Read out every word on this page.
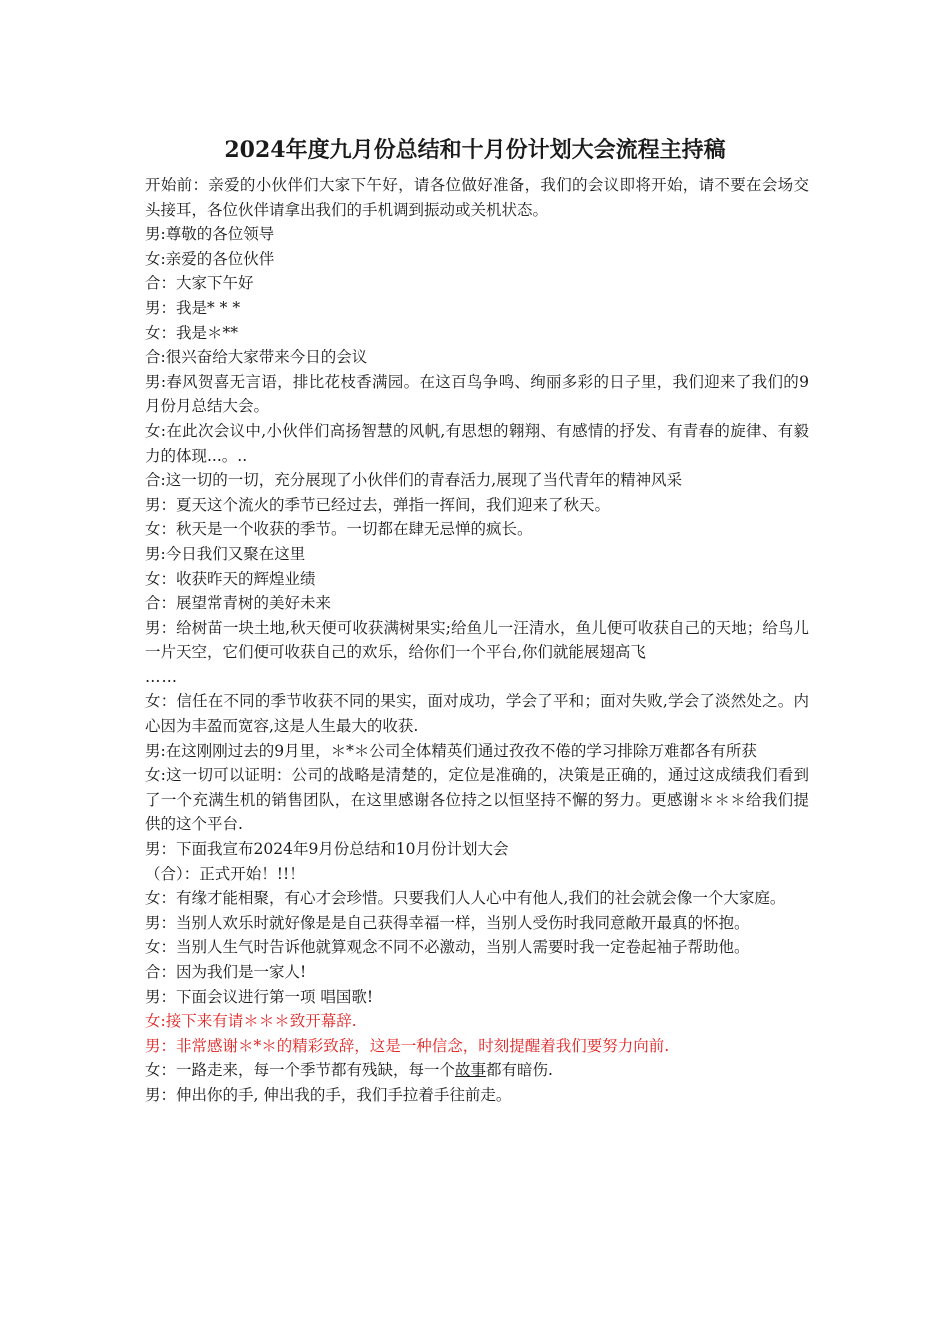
2024年度九月份总结和十月份计划大会流程主持稿

开始前：亲爱的小伙伴们大家下午好，请各位做好准备，我们的会议即将开始，请不要在会场交头接耳，各位伙伴请拿出我们的手机调到振动或关机状态。

男:尊敬的各位领导

女:亲爱的各位伙伴

合：大家下午好

男：我是* * *

女：我是＊**

合:很兴奋给大家带来今日的会议

男:春风贺喜无言语，排比花枝香满园。在这百鸟争鸣、绚丽多彩的日子里，我们迎来了我们的9月份月总结大会。

女:在此次会议中,小伙伴们高扬智慧的风帆,有思想的翱翔、有感情的抒发、有青春的旋律、有毅力的体现...。..

合:这一切的一切，充分展现了小伙伴们的青春活力,展现了当代青年的精神风采

男：夏天这个流火的季节已经过去，弹指一挥间，我们迎来了秋天。

女：秋天是一个收获的季节。一切都在肆无忌惮的疯长。

男:今日我们又聚在这里

女：收获昨天的辉煌业绩

合：展望常青树的美好未来

男：给树苗一块土地,秋天便可收获满树果实;给鱼儿一汪清水，鱼儿便可收获自己的天地；给鸟儿一片天空，它们便可收获自己的欢乐，给你们一个平台,你们就能展翅高飞

……

女：信任在不同的季节收获不同的果实，面对成功，学会了平和；面对失败,学会了淡然处之。内心因为丰盈而宽容,这是人生最大的收获.

男:在这刚刚过去的9月里，＊*＊公司全体精英们通过孜孜不倦的学习排除万难都各有所获

女:这一切可以证明：公司的战略是清楚的，定位是准确的，决策是正确的，通过这成绩我们看到了一个充满生机的销售团队，在这里感谢各位持之以恒坚持不懈的努力。更感谢＊＊＊给我们提供的这个平台.

男：下面我宣布2024年9月份总结和10月份计划大会

（合）：正式开始！!!！

女：有缘才能相聚，有心才会珍惜。只要我们人人心中有他人,我们的社会就会像一个大家庭。

男：当别人欢乐时就好像是是自己获得幸福一样，当别人受伤时我同意敞开最真的怀抱。

女：当别人生气时告诉他就算观念不同不必激动，当别人需要时我一定卷起袖子帮助他。

合：因为我们是一家人!

男：下面会议进行第一项 唱国歌!

女:接下来有请＊＊＊致开幕辞.

男：非常感谢＊*＊的精彩致辞，这是一种信念，时刻提醒着我们要努力向前.

女：一路走来，每一个季节都有残缺，每一个故事都有暗伤.

男：伸出你的手, 伸出我的手，我们手拉着手往前走。
